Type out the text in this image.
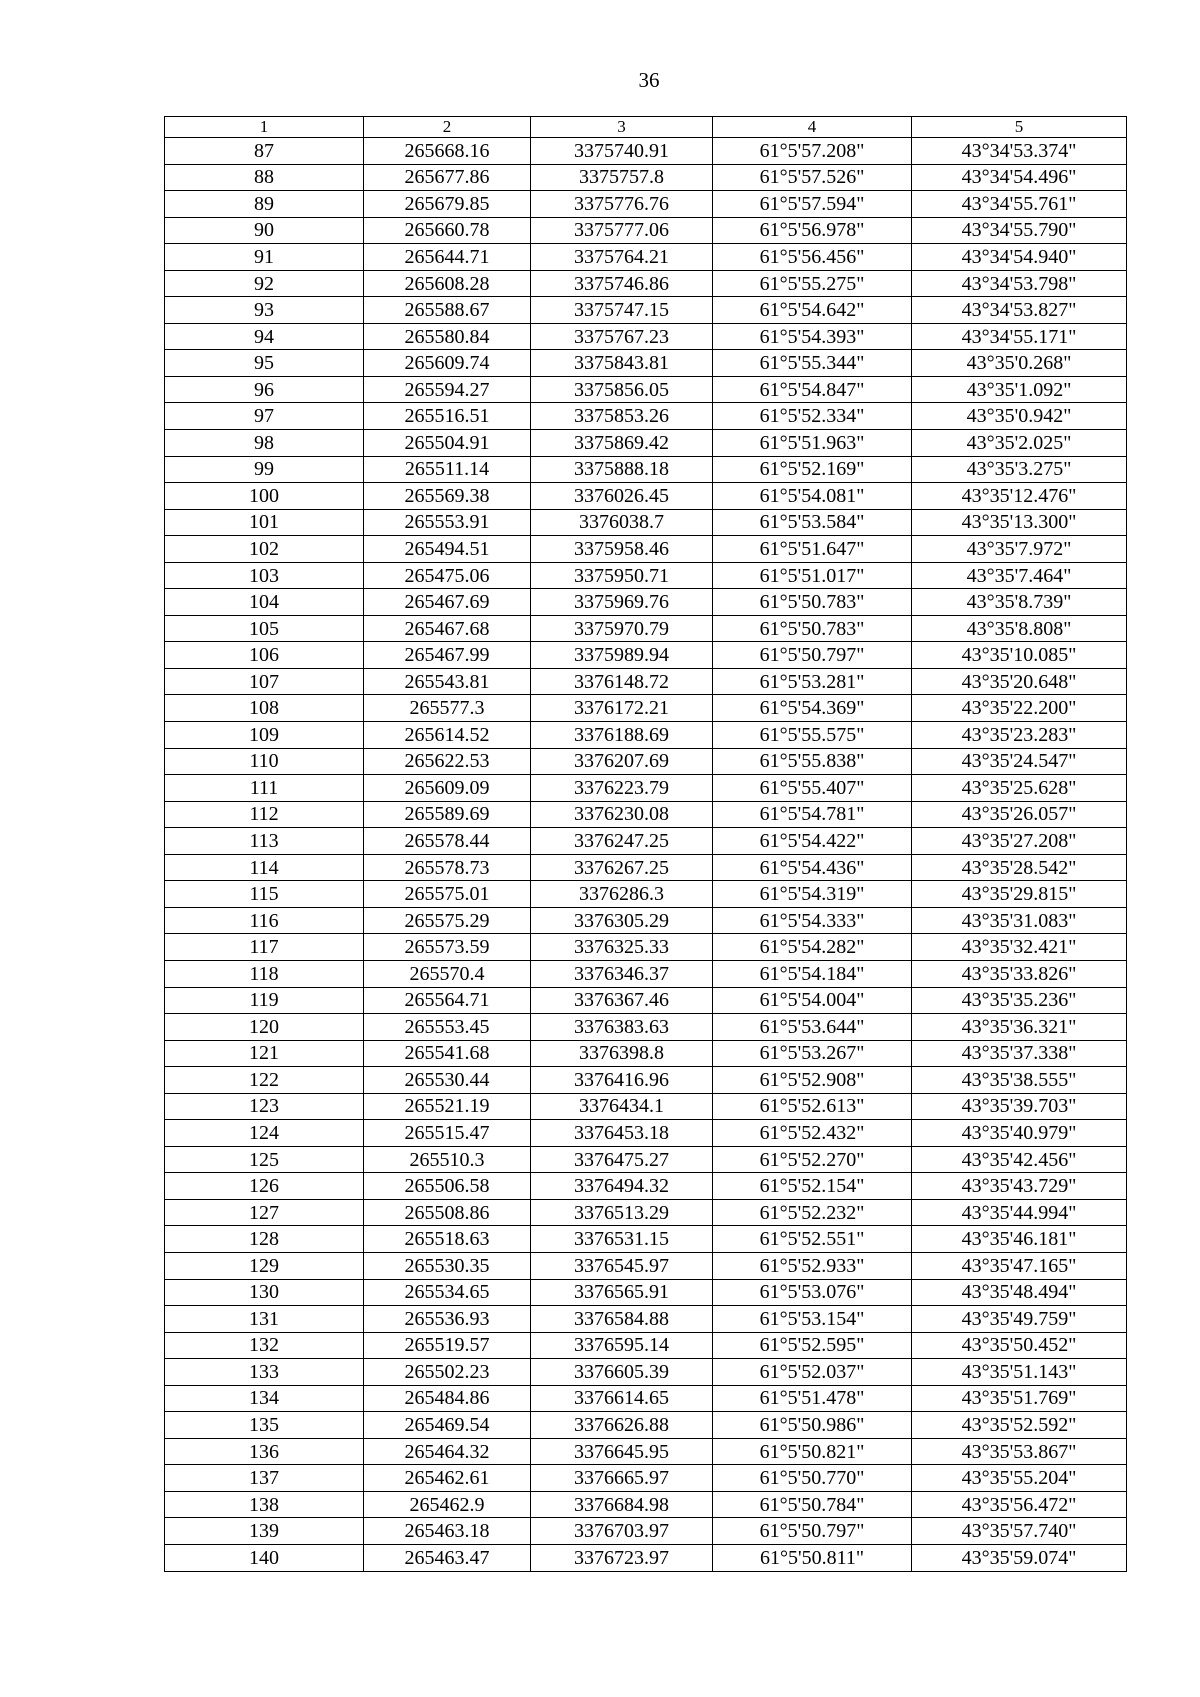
36
1	2	3	4	5
87	265668.16	3375740.91	61°5'57.208"	43°34'53.374"
88	265677.86	3375757.8	61°5'57.526"	43°34'54.496"
89	265679.85	3375776.76	61°5'57.594"	43°34'55.761"
90	265660.78	3375777.06	61°5'56.978"	43°34'55.790"
91	265644.71	3375764.21	61°5'56.456"	43°34'54.940"
92	265608.28	3375746.86	61°5'55.275"	43°34'53.798"
93	265588.67	3375747.15	61°5'54.642"	43°34'53.827"
94	265580.84	3375767.23	61°5'54.393"	43°34'55.171"
95	265609.74	3375843.81	61°5'55.344"	43°35'0.268"
96	265594.27	3375856.05	61°5'54.847"	43°35'1.092"
97	265516.51	3375853.26	61°5'52.334"	43°35'0.942"
98	265504.91	3375869.42	61°5'51.963"	43°35'2.025"
99	265511.14	3375888.18	61°5'52.169"	43°35'3.275"
100	265569.38	3376026.45	61°5'54.081"	43°35'12.476"
101	265553.91	3376038.7	61°5'53.584"	43°35'13.300"
102	265494.51	3375958.46	61°5'51.647"	43°35'7.972"
103	265475.06	3375950.71	61°5'51.017"	43°35'7.464"
104	265467.69	3375969.76	61°5'50.783"	43°35'8.739"
105	265467.68	3375970.79	61°5'50.783"	43°35'8.808"
106	265467.99	3375989.94	61°5'50.797"	43°35'10.085"
107	265543.81	3376148.72	61°5'53.281"	43°35'20.648"
108	265577.3	3376172.21	61°5'54.369"	43°35'22.200"
109	265614.52	3376188.69	61°5'55.575"	43°35'23.283"
110	265622.53	3376207.69	61°5'55.838"	43°35'24.547"
111	265609.09	3376223.79	61°5'55.407"	43°35'25.628"
112	265589.69	3376230.08	61°5'54.781"	43°35'26.057"
113	265578.44	3376247.25	61°5'54.422"	43°35'27.208"
114	265578.73	3376267.25	61°5'54.436"	43°35'28.542"
115	265575.01	3376286.3	61°5'54.319"	43°35'29.815"
116	265575.29	3376305.29	61°5'54.333"	43°35'31.083"
117	265573.59	3376325.33	61°5'54.282"	43°35'32.421"
118	265570.4	3376346.37	61°5'54.184"	43°35'33.826"
119	265564.71	3376367.46	61°5'54.004"	43°35'35.236"
120	265553.45	3376383.63	61°5'53.644"	43°35'36.321"
121	265541.68	3376398.8	61°5'53.267"	43°35'37.338"
122	265530.44	3376416.96	61°5'52.908"	43°35'38.555"
123	265521.19	3376434.1	61°5'52.613"	43°35'39.703"
124	265515.47	3376453.18	61°5'52.432"	43°35'40.979"
125	265510.3	3376475.27	61°5'52.270"	43°35'42.456"
126	265506.58	3376494.32	61°5'52.154"	43°35'43.729"
127	265508.86	3376513.29	61°5'52.232"	43°35'44.994"
128	265518.63	3376531.15	61°5'52.551"	43°35'46.181"
129	265530.35	3376545.97	61°5'52.933"	43°35'47.165"
130	265534.65	3376565.91	61°5'53.076"	43°35'48.494"
131	265536.93	3376584.88	61°5'53.154"	43°35'49.759"
132	265519.57	3376595.14	61°5'52.595"	43°35'50.452"
133	265502.23	3376605.39	61°5'52.037"	43°35'51.143"
134	265484.86	3376614.65	61°5'51.478"	43°35'51.769"
135	265469.54	3376626.88	61°5'50.986"	43°35'52.592"
136	265464.32	3376645.95	61°5'50.821"	43°35'53.867"
137	265462.61	3376665.97	61°5'50.770"	43°35'55.204"
138	265462.9	3376684.98	61°5'50.784"	43°35'56.472"
139	265463.18	3376703.97	61°5'50.797"	43°35'57.740"
140	265463.47	3376723.97	61°5'50.811"	43°35'59.074"
